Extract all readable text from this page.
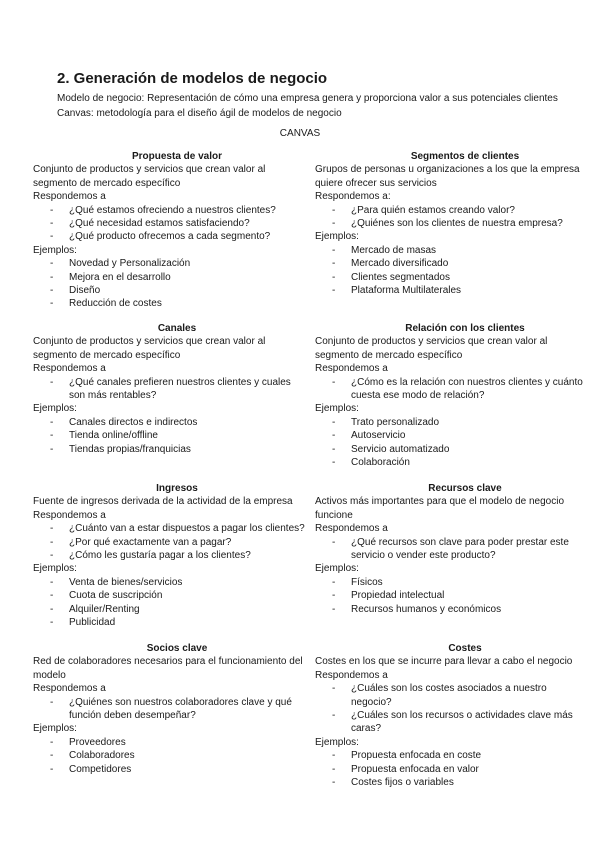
2. Generación de modelos de negocio
Modelo de negocio: Representación de cómo una empresa genera y proporciona valor a sus potenciales clientes
Canvas: metodología para el diseño ágil de modelos de negocio
CANVAS
Propuesta de valor
Conjunto de productos y servicios que crean valor al segmento de mercado específico
Respondemos a
- ¿Qué estamos ofreciendo a nuestros clientes?
- ¿Qué necesidad estamos satisfaciendo?
- ¿Qué producto ofrecemos a cada segmento?
Ejemplos:
- Novedad y Personalización
- Mejora en el desarrollo
- Diseño
- Reducción de costes
Segmentos de clientes
Grupos de personas u organizaciones a los que la empresa quiere ofrecer sus servicios
Respondemos a:
- ¿Para quién estamos creando valor?
- ¿Quiénes son los clientes de nuestra empresa?
Ejemplos:
- Mercado de masas
- Mercado diversificado
- Clientes segmentados
- Plataforma Multilaterales
Canales
Conjunto de productos y servicios que crean valor al segmento de mercado específico
Respondemos a
- ¿Qué canales prefieren nuestros clientes y cuales son más rentables?
Ejemplos:
- Canales directos e indirectos
- Tienda online/offline
- Tiendas propias/franquicias
Relación con los clientes
Conjunto de productos y servicios que crean valor al segmento de mercado específico
Respondemos a
- ¿Cómo es la relación con nuestros clientes y cuánto cuesta ese modo de relación?
Ejemplos:
- Trato personalizado
- Autoservicio
- Servicio automatizado
- Colaboración
Ingresos
Fuente de ingresos derivada de la actividad de la empresa
Respondemos a
- ¿Cuánto van a estar dispuestos a pagar los clientes?
- ¿Por qué exactamente van a pagar?
- ¿Cómo les gustaría pagar a los clientes?
Ejemplos:
- Venta de bienes/servicios
- Cuota de suscripción
- Alquiler/Renting
- Publicidad
Recursos clave
Activos más importantes para que el modelo de negocio funcione
Respondemos a
- ¿Qué recursos son clave para poder prestar este servicio o vender este producto?
Ejemplos:
- Físicos
- Propiedad intelectual
- Recursos humanos y económicos
Socios clave
Red de colaboradores necesarios para el funcionamiento del modelo
Respondemos a
- ¿Quiénes son nuestros colaboradores clave y qué función deben desempeñar?
Ejemplos:
- Proveedores
- Colaboradores
- Competidores
Costes
Costes en los que se incurre para llevar a cabo el negocio
Respondemos a
- ¿Cuáles son los costes asociados a nuestro negocio?
- ¿Cuáles son los recursos o actividades clave más caras?
Ejemplos:
- Propuesta enfocada en coste
- Propuesta enfocada en valor
- Costes fijos o variables
